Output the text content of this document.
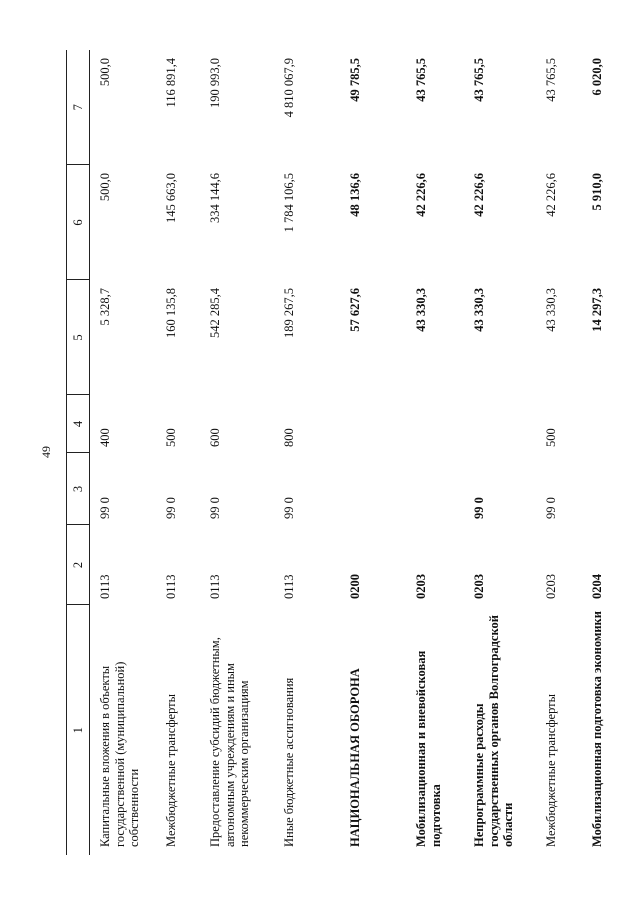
49
1	2	3	4	5	6	7
Капитальные вложения в объекты государственной (муниципальной) собственности	0113	99 0	400	5 328,7	500,0	500,0
Межбюджетные трансферты	0113	99 0	500	160 135,8	145 663,0	116 891,4
Предоставление субсидий бюджетным, автономным учреждениям и иным некоммерческим организациям	0113	99 0	600	542 285,4	334 144,6	190 993,0
Иные бюджетные ассигнования	0113	99 0	800	189 267,5	1 784 106,5	4 810 067,9
НАЦИОНАЛЬНАЯ ОБОРОНА	0200			57 627,6	48 136,6	49 785,5
Мобилизационная и вневойсковая подготовка	0203			43 330,3	42 226,6	43 765,5
Непрограммные расходы государственных органов Волгоградской области	0203	99 0		43 330,3	42 226,6	43 765,5
Межбюджетные трансферты	0203	99 0	500	43 330,3	42 226,6	43 765,5
Мобилизационная подготовка экономики	0204			14 297,3	5 910,0	6 020,0
